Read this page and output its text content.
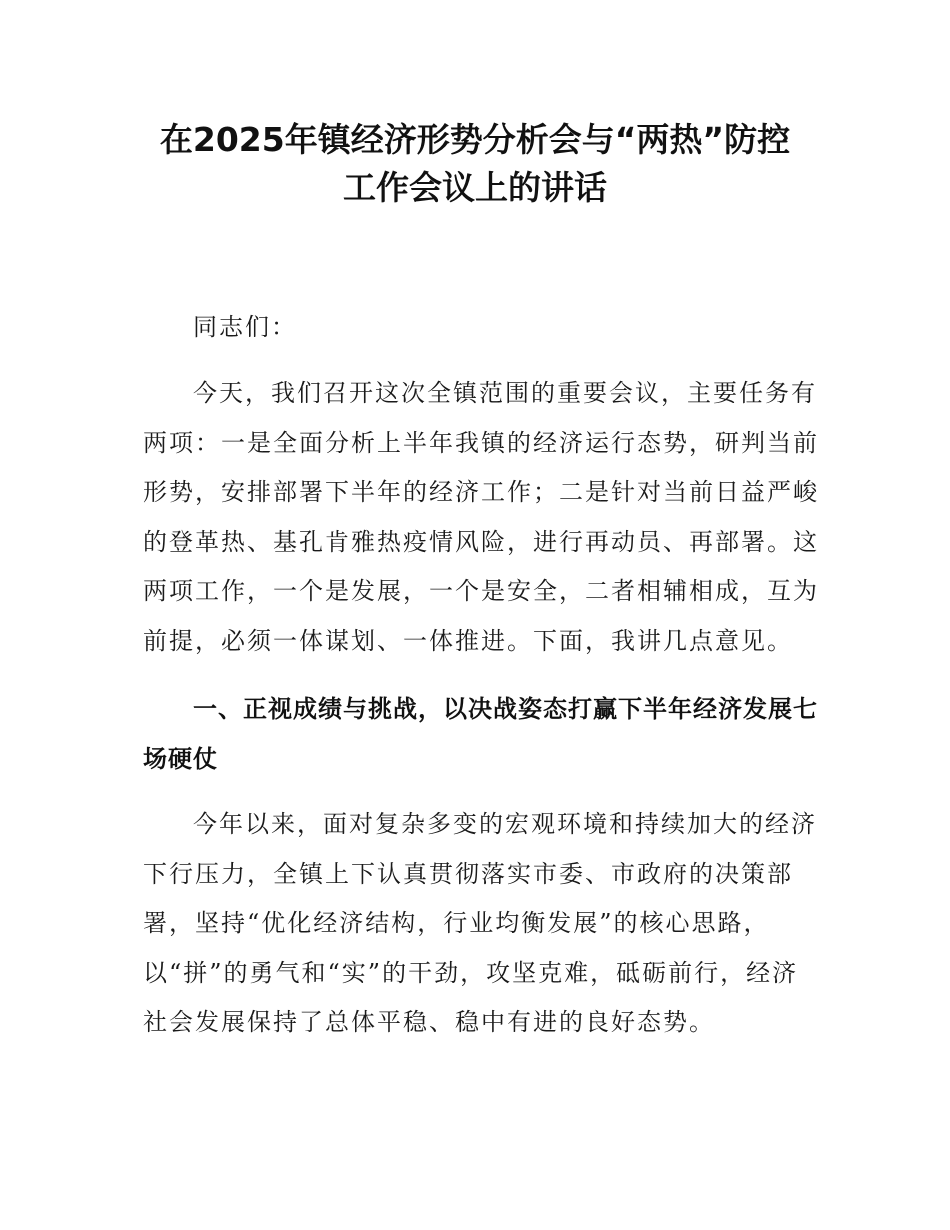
在2025年镇经济形势分析会与“两热”防控
工作会议上的讲话

同志们：

今天，我们召开这次全镇范围的重要会议，主要任务有两项：一是全面分析上半年我镇的经济运行态势，研判当前形势，安排部署下半年的经济工作；二是针对当前日益严峻的登革热、基孔肯雅热疫情风险，进行再动员、再部署。这两项工作，一个是发展，一个是安全，二者相辅相成，互为前提，必须一体谋划、一体推进。下面，我讲几点意见。

一、正视成绩与挑战，以决战姿态打赢下半年经济发展七场硬仗

今年以来，面对复杂多变的宏观环境和持续加大的经济下行压力，全镇上下认真贯彻落实市委、市政府的决策部署，坚持“优化经济结构，行业均衡发展”的核心思路，以“拼”的勇气和“实”的干劲，攻坚克难，砥砺前行，经济社会发展保持了总体平稳、稳中有进的良好态势。
